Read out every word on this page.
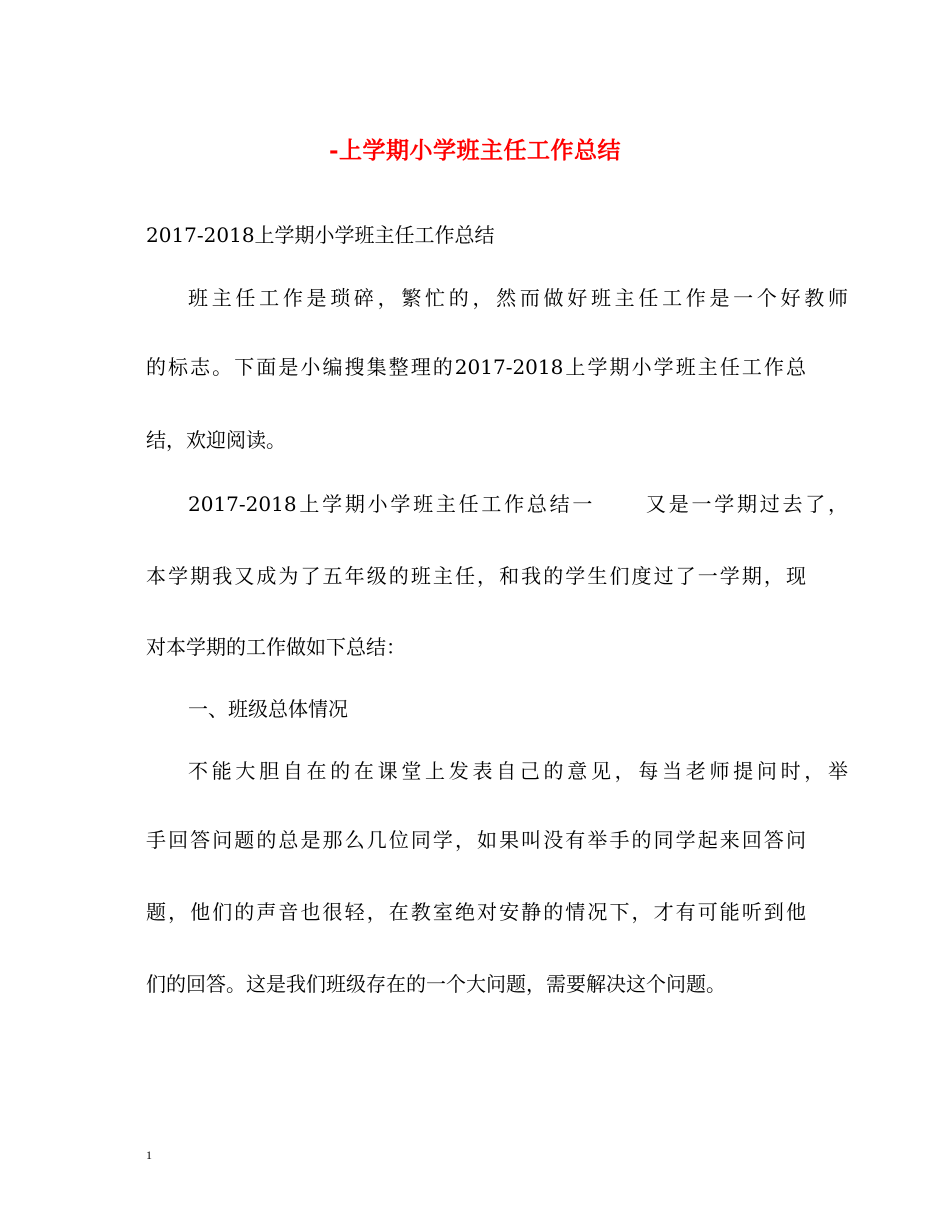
-上学期小学班主任工作总结

2017-2018上学期小学班主任工作总结

班主任工作是琐碎，繁忙的，然而做好班主任工作是一个好教师

的标志。下面是小编搜集整理的2017-2018上学期小学班主任工作总

结，欢迎阅读。

2017-2018上学期小学班主任工作总结一 又是一学期过去了，

本学期我又成为了五年级的班主任，和我的学生们度过了一学期，现

对本学期的工作做如下总结：

一、班级总体情况

不能大胆自在的在课堂上发表自己的意见，每当老师提问时，举

手回答问题的总是那么几位同学，如果叫没有举手的同学起来回答问

题，他们的声音也很轻，在教室绝对安静的情况下，才有可能听到他

们的回答。这是我们班级存在的一个大问题，需要解决这个问题。

1
